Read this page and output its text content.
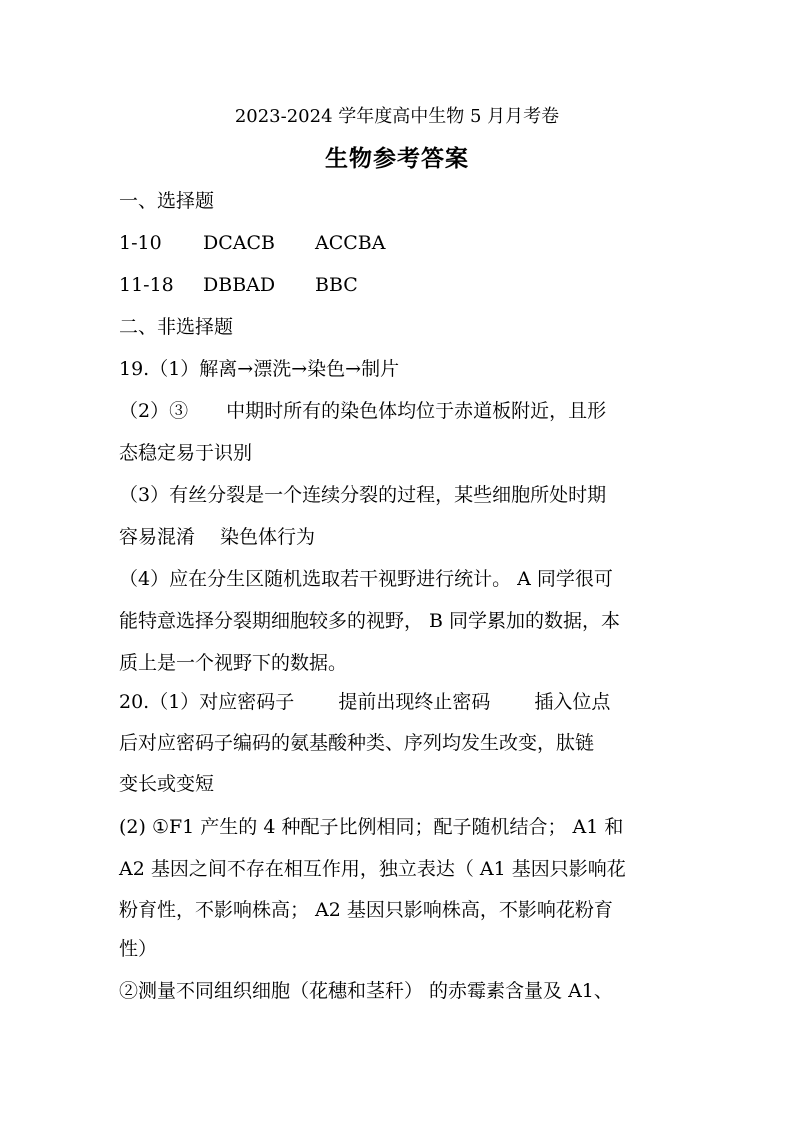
2023-2024 学年度高中生物 5 月月考卷
生物参考答案
一、选择题
1-10 DCACB ACCBA
11-18 DBBAD BBC
二、非选择题
19.（1）解离→漂洗→染色→制片
（2）③　　中期时所有的染色体均位于赤道板附近，且形
态稳定易于识别
（3）有丝分裂是一个连续分裂的过程，某些细胞所处时期
容易混淆　 染色体行为
（4）应在分生区随机选取若干视野进行统计。 A 同学很可
能特意选择分裂期细胞较多的视野， B 同学累加的数据，本
质上是一个视野下的数据。
20.（1）对应密码子　　 提前出现终止密码　　 插入位点
后对应密码子编码的氨基酸种类、序列均发生改变，肽链
变长或变短
(2) ①F1 产生的 4 种配子比例相同；配子随机结合； A1 和
A2 基因之间不存在相互作用，独立表达（ A1 基因只影响花
粉育性，不影响株高； A2 基因只影响株高，不影响花粉育
性）
②测量不同组织细胞（花穗和茎秆） 的赤霉素含量及 A1、
